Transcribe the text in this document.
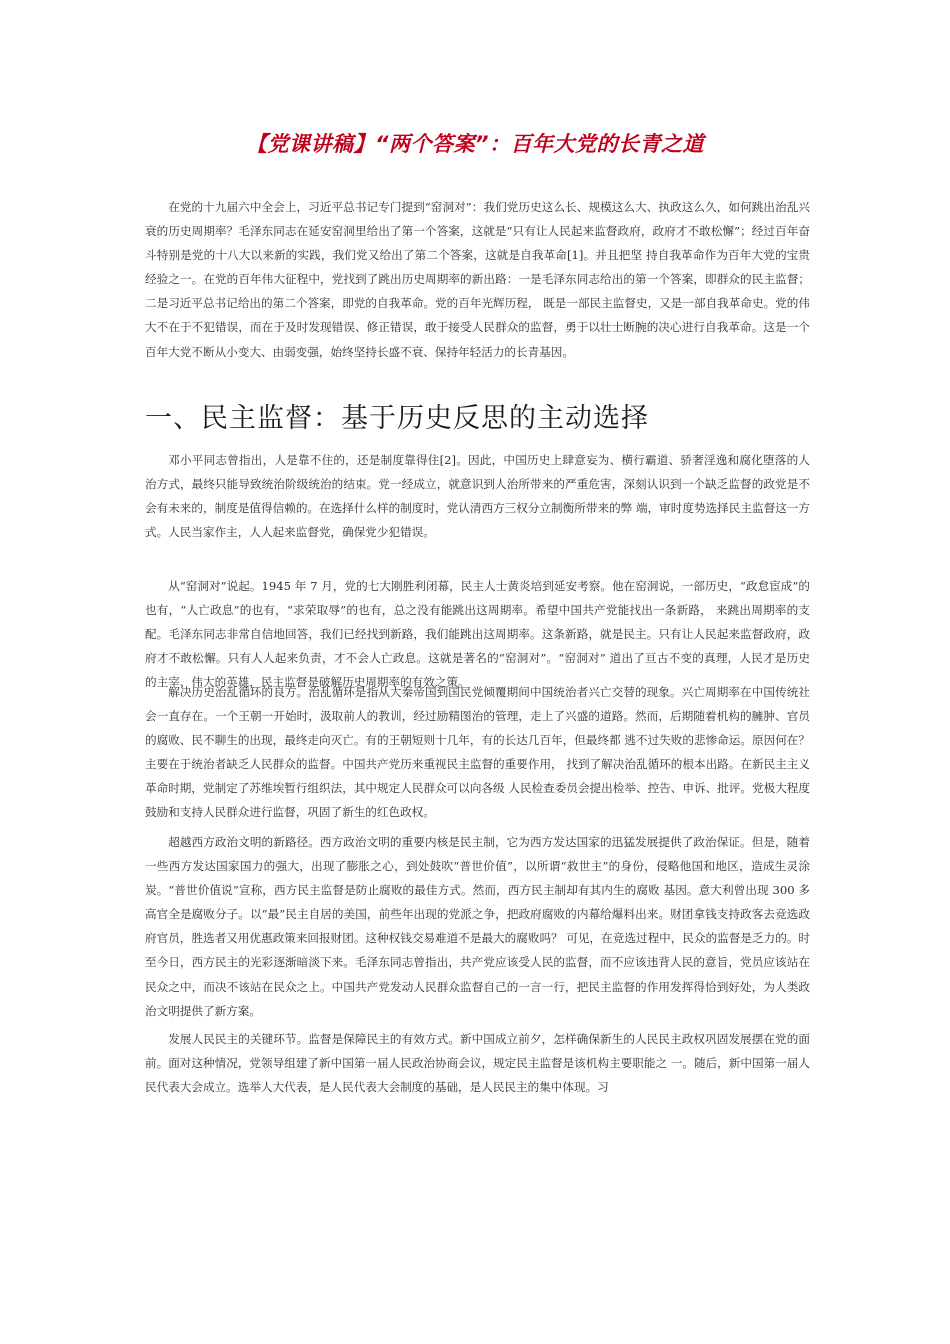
【党课讲稿】“两个答案”：百年大党的长青之道

在党的十九届六中全会上，习近平总书记专门提到“窑洞对”：我们党历史这么长、规模这么大、执政这么久，如何跳出治乱兴衰的历史周期率？毛泽东同志在延安窑洞里给出了第一个答案，这就是“只有让人民起来监督政府，政府才不敢松懈”；经过百年奋斗特别是党的十八大以来新的实践，我们党又给出了第二个答案，这就是自我革命[1]。并且把坚 持自我革命作为百年大党的宝贵经验之一。在党的百年伟大征程中，党找到了跳出历史周期率的新出路：一是毛泽东同志给出的第一个答案，即群众的民主监督；二是习近平总书记给出的第二个答案，即党的自我革命。党的百年光辉历程， 既是一部民主监督史，又是一部自我革命史。党的伟大不在于不犯错误，而在于及时发现错误、修正错误，敢于接受人民群众的监督，勇于以壮士断腕的决心进行自我革命。这是一个百年大党不断从小变大、由弱变强，始终坚持长盛不衰、保持年轻活力的长青基因。

一、民主监督：基于历史反思的主动选择

邓小平同志曾指出，人是靠不住的，还是制度靠得住[2]。因此，中国历史上肆意妄为、横行霸道、骄奢淫逸和腐化堕落的人治方式，最终只能导致统治阶级统治的结束。党一经成立，就意识到人治所带来的严重危害，深刻认识到一个缺乏监督的政党是不会有未来的，制度是值得信赖的。在选择什么样的制度时，党认清西方三权分立制衡所带来的弊 端，审时度势选择民主监督这一方式。人民当家作主，人人起来监督党，确保党少犯错误。

从“窑洞对”说起。1945 年 7 月，党的七大刚胜利闭幕，民主人士黄炎培到延安考察。他在窑洞说，一部历史，“政怠宦成”的也有，“人亡政息”的也有，“求荣取辱”的也有，总之没有能跳出这周期率。希望中国共产党能找出一条新路， 来跳出周期率的支配。毛泽东同志非常自信地回答，我们已经找到新路，我们能跳出这周期率。这条新路，就是民主。只有让人民起来监督政府，政府才不敢松懈。只有人人起来负责，才不会人亡政息。这就是著名的“窑洞对”。“窑洞对” 道出了亘古不变的真理，人民才是历史的主宰、伟大的英雄，民主监督是破解历史周期率的有效之策。

解决历史治乱循环的良方。治乱循环是指从大秦帝国到国民党倾覆期间中国统治者兴亡交替的现象。兴亡周期率在中国传统社会一直存在。一个王朝一开始时，汲取前人的教训，经过励精图治的管理，走上了兴盛的道路。然而，后期随着机构的臃肿、官员的腐败、民不聊生的出现，最终走向灭亡。有的王朝短则十几年，有的长达几百年，但最终都 逃不过失败的悲惨命运。原因何在？主要在于统治者缺乏人民群众的监督。中国共产党历来重视民主监督的重要作用， 找到了解决治乱循环的根本出路。在新民主主义革命时期，党制定了苏维埃暂行组织法，其中规定人民群众可以向各级 人民检查委员会提出检举、控告、申诉、批评。党极大程度鼓励和支持人民群众进行监督，巩固了新生的红色政权。

超越西方政治文明的新路径。西方政治文明的重要内核是民主制，它为西方发达国家的迅猛发展提供了政治保证。但是，随着一些西方发达国家国力的强大，出现了膨胀之心，到处鼓吹“普世价值”，以所谓“救世主”的身份，侵略他国和地区，造成生灵涂炭。“普世价值说”宣称，西方民主监督是防止腐败的最佳方式。然而，西方民主制却有其内生的腐败 基因。意大利曾出现 300 多高官全是腐败分子。以“最”民主自居的美国，前些年出现的党派之争，把政府腐败的内幕给爆料出来。财团拿钱支持政客去竞选政府官员，胜选者又用优惠政策来回报财团。这种权钱交易难道不是最大的腐败吗？ 可见，在竞选过程中，民众的监督是乏力的。时至今日，西方民主的光彩逐渐暗淡下来。毛泽东同志曾指出，共产党应该受人民的监督，而不应该违背人民的意旨，党员应该站在民众之中，而决不该站在民众之上。中国共产党发动人民群众监督自己的一言一行，把民主监督的作用发挥得恰到好处，为人类政治文明提供了新方案。

发展人民民主的关键环节。监督是保障民主的有效方式。新中国成立前夕，怎样确保新生的人民民主政权巩固发展摆在党的面前。面对这种情况，党领导组建了新中国第一届人民政治协商会议，规定民主监督是该机构主要职能之 一。随后，新中国第一届人民代表大会成立。选举人大代表，是人民代表大会制度的基础，是人民民主的集中体现。习
